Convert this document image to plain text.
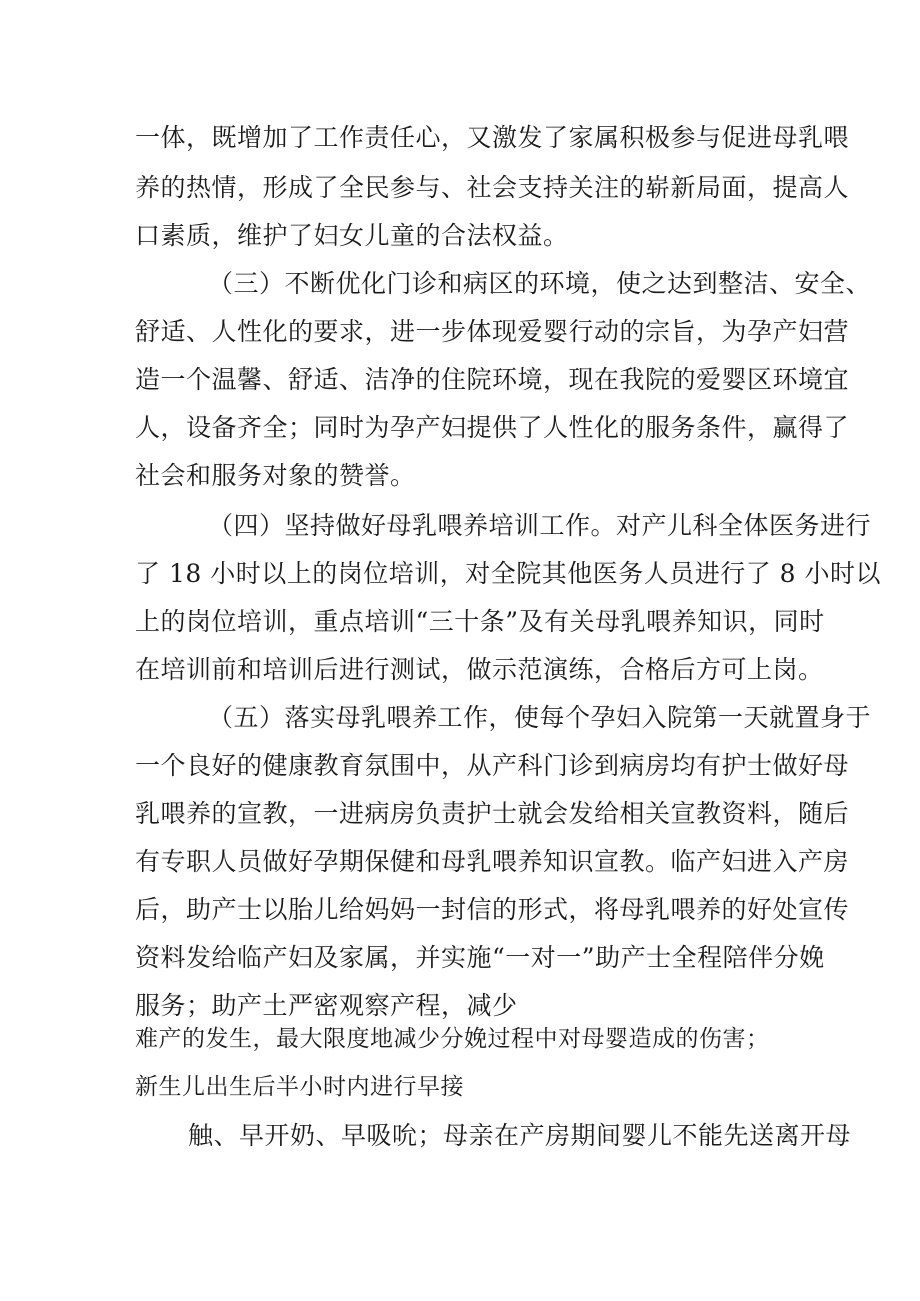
一体，既增加了工作责任心，又激发了家属积极参与促进母乳喂
养的热情，形成了全民参与、社会支持关注的崭新局面，提高人
口素质，维护了妇女儿童的合法权益。
（三）不断优化门诊和病区的环境，使之达到整洁、安全、
舒适、人性化的要求，进一步体现爱婴行动的宗旨，为孕产妇营
造一个温馨、舒适、洁净的住院环境，现在我院的爱婴区环境宜
人，设备齐全；同时为孕产妇提供了人性化的服务条件，赢得了
社会和服务对象的赞誉。
（四）坚持做好母乳喂养培训工作。对产儿科全体医务进行
了 18 小时以上的岗位培训，对全院其他医务人员进行了 8 小时以
上的岗位培训，重点培训“三十条”及有关母乳喂养知识，同时
在培训前和培训后进行测试，做示范演练，合格后方可上岗。
（五）落实母乳喂养工作，使每个孕妇入院第一天就置身于
一个良好的健康教育氛围中，从产科门诊到病房均有护士做好母
乳喂养的宣教，一进病房负责护士就会发给相关宣教资料，随后
有专职人员做好孕期保健和母乳喂养知识宣教。临产妇进入产房
后，助产士以胎儿给妈妈一封信的形式，将母乳喂养的好处宣传
资料发给临产妇及家属，并实施“一对一”助产士全程陪伴分娩
服务；助产土严密观察产程，减少
难产的发生，最大限度地减少分娩过程中对母婴造成的伤害；
新生儿出生后半小时内进行早接
触、早开奶、早吸吮；母亲在产房期间婴儿不能先送离开母
